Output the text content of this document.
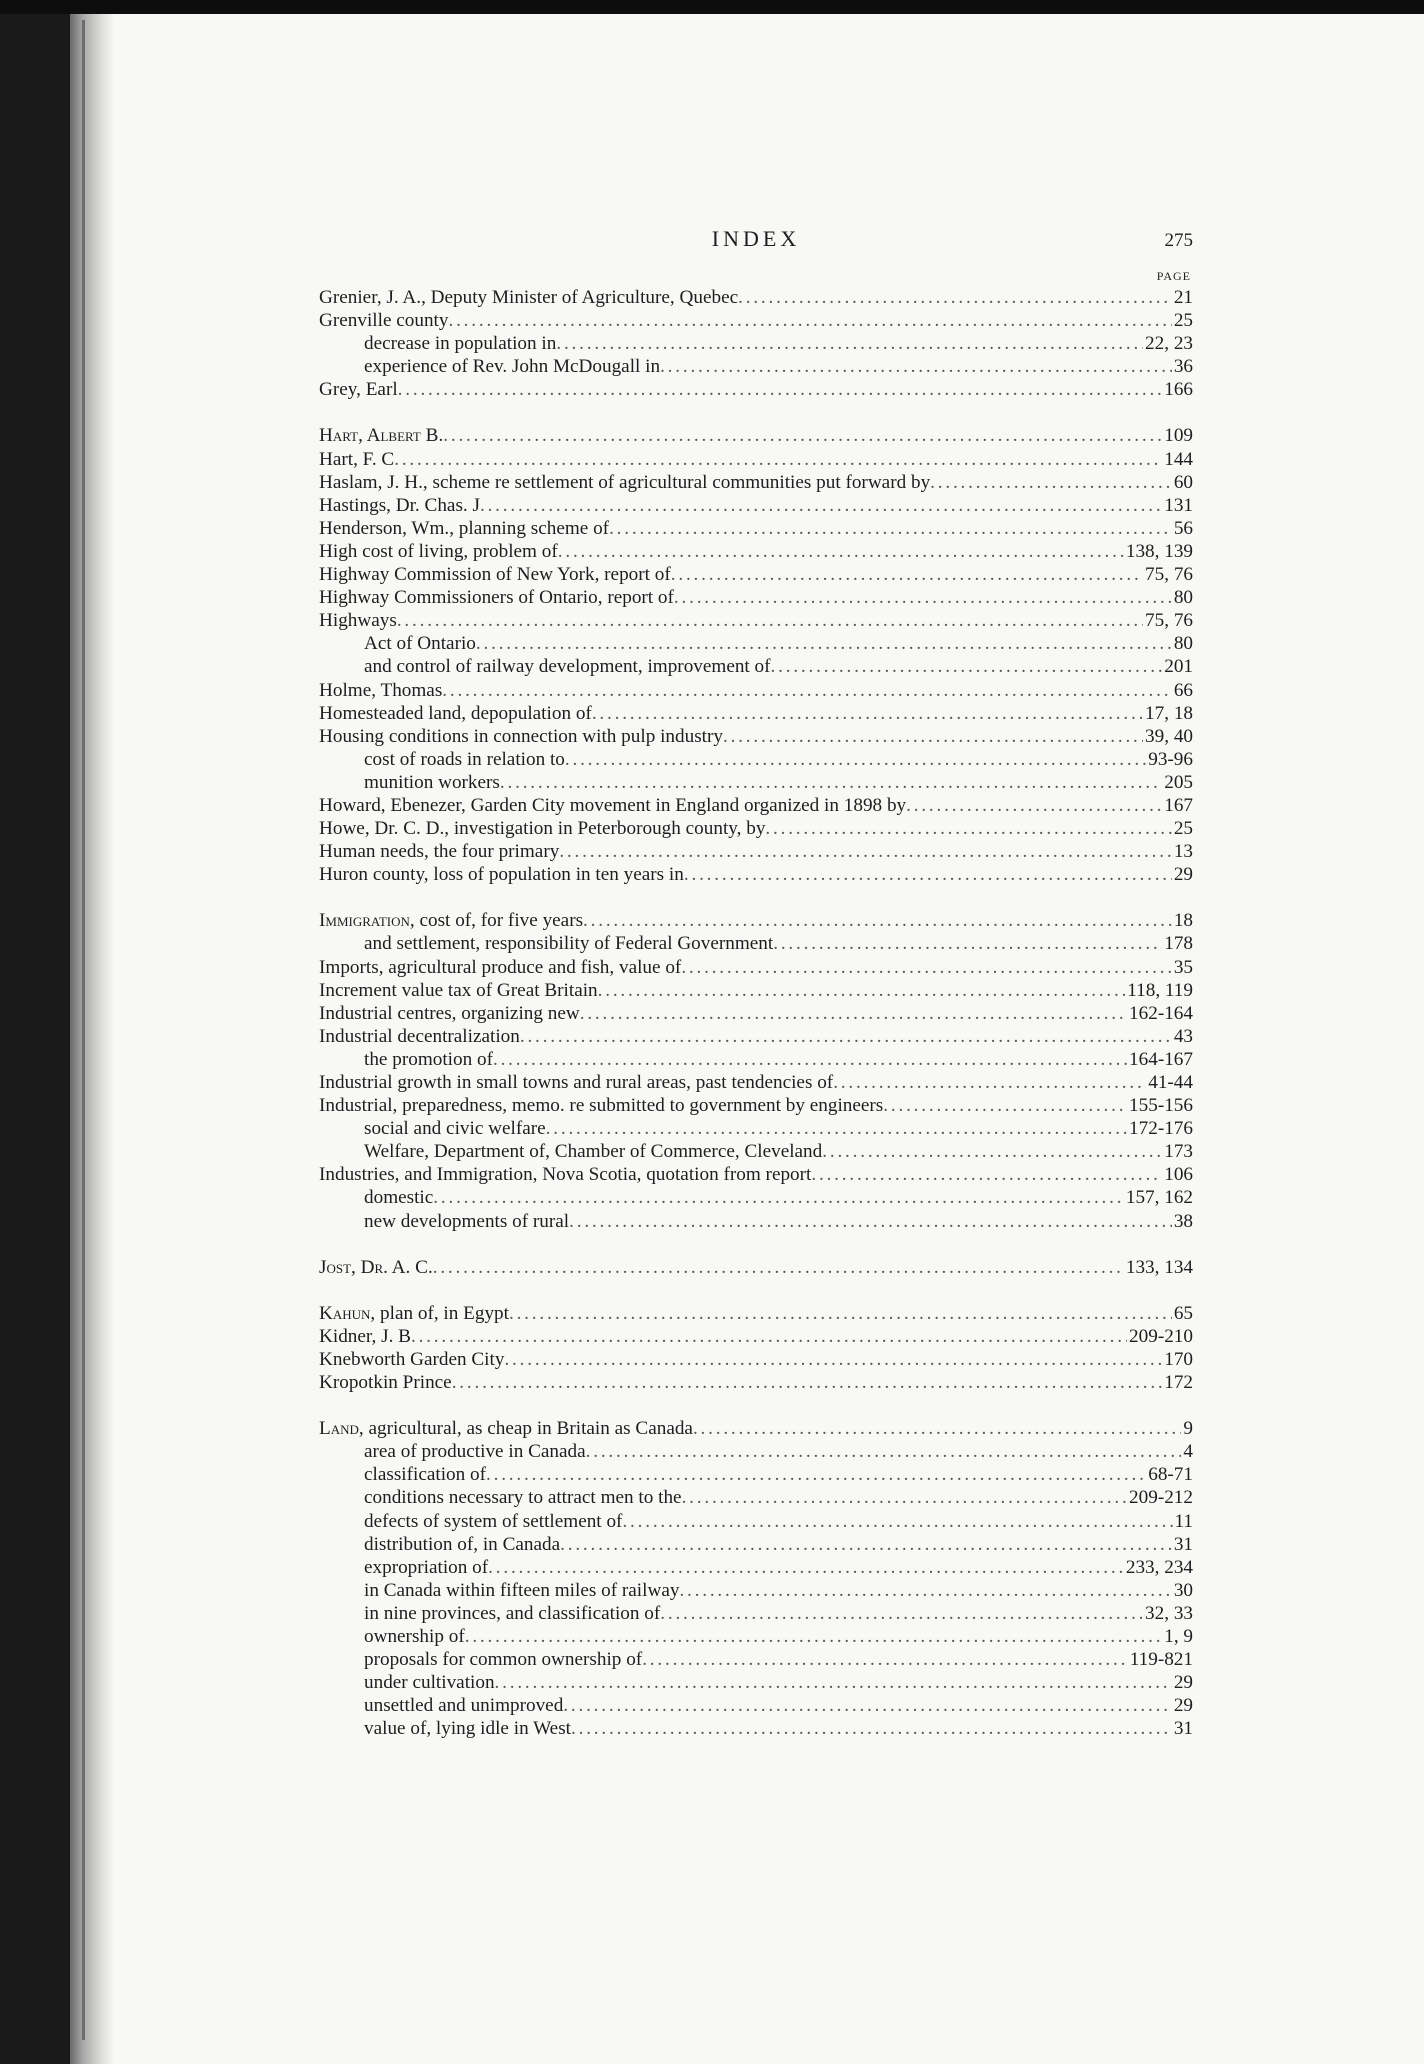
INDEX	275
PAGE
Grenier, J. A., Deputy Minister of Agriculture, Quebec . . .	21
Grenville county . . .	25
decrease in population in . . .	22, 23
experience of Rev. John McDougall in . . .	36
Grey, Earl . . .	166
Hart, Albert B. . . .	109
Hart, F. C . . .	144
Haslam, J. H., scheme re settlement of agricultural communities put forward by . . .	60
Hastings, Dr. Chas. J . . .	131
Henderson, Wm., planning scheme of . . .	56
High cost of living, problem of . . .	138, 139
Highway Commission of New York, report of . . .	75, 76
Highway Commissioners of Ontario, report of . . .	80
Highways . . .	75, 76
Act of Ontario . . .	80
and control of railway development, improvement of . . .	201
Holme, Thomas . . .	66
Homesteaded land, depopulation of . . .	17, 18
Housing conditions in connection with pulp industry . . .	39, 40
cost of roads in relation to . . .	93-96
munition workers . . .	205
Howard, Ebenezer, Garden City movement in England organized in 1898 by . . .	167
Howe, Dr. C. D., investigation in Peterborough county, by . . .	25
Human needs, the four primary . . .	13
Huron county, loss of population in ten years in . . .	29
Immigration, cost of, for five years . . .	18
and settlement, responsibility of Federal Government . . .	178
Imports, agricultural produce and fish, value of . . .	35
Increment value tax of Great Britain . . .	118, 119
Industrial centres, organizing new . . .	162-164
Industrial decentralization . . .	43
the promotion of . . .	164-167
Industrial growth in small towns and rural areas, past tendencies of . . .	41-44
Industrial, preparedness, memo. re submitted to government by engineers . . .	155-156
social and civic welfare . . .	172-176
Welfare, Department of, Chamber of Commerce, Cleveland . . .	173
Industries, and Immigration, Nova Scotia, quotation from report . . .	106
domestic . . .	157, 162
new developments of rural . . .	38
Jost, Dr. A. C. . . .	133, 134
Kahun, plan of, in Egypt . . .	65
Kidner, J. B . . .	209-210
Knebworth Garden City . . .	170
Kropotkin Prince . . .	172
Land, agricultural, as cheap in Britain as Canada . . .	9
area of productive in Canada . . .	4
classification of . . .	68-71
conditions necessary to attract men to the . . .	209-212
defects of system of settlement of . . .	11
distribution of, in Canada . . .	31
expropriation of . . .	233, 234
in Canada within fifteen miles of railway . . .	30
in nine provinces, and classification of . . .	32, 33
ownership of . . .	1, 9
proposals for common ownership of . . .	119-821
under cultivation . . .	29
unsettled and unimproved . . .	29
value of, lying idle in West . . .	31
